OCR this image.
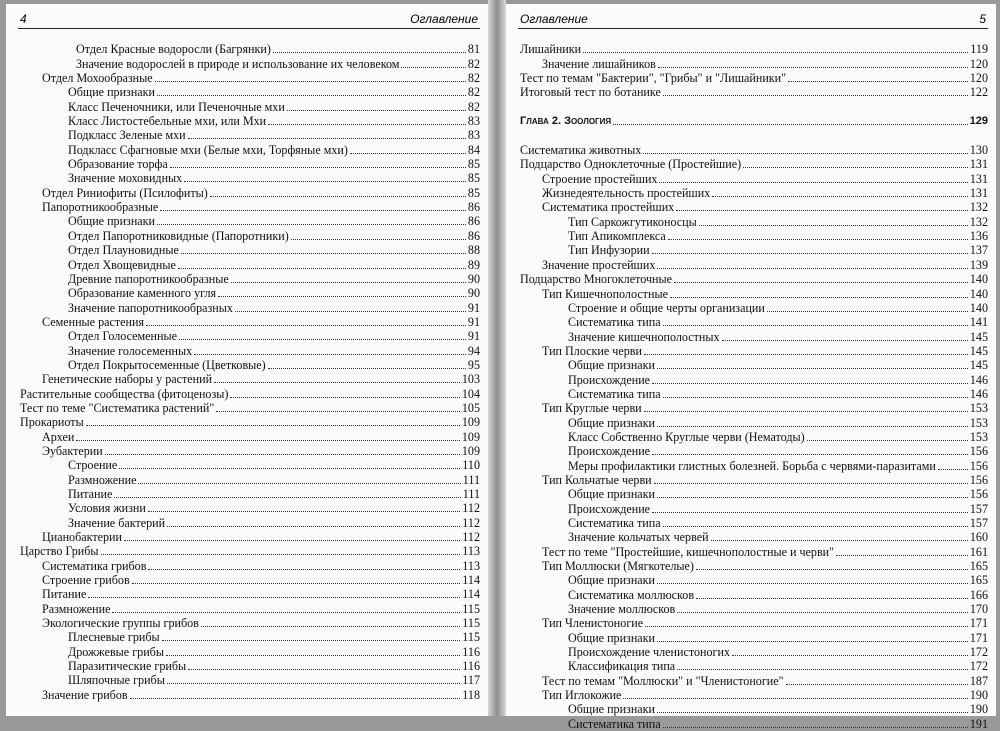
4	Оглавление
Отдел Красные водоросли (Багрянки)	81
Значение водорослей в природе и использование их человеком	82
Отдел Мохообразные	82
Общие признаки	82
Класс Печеночники, или Печеночные мхи	82
Класс Листостебельные мхи, или Мхи	83
Подкласс Зеленые мхи	83
Подкласс Сфагновые мхи (Белые мхи, Торфяные мхи)	84
Образование торфа	85
Значение моховидных	85
Отдел Риниофиты (Псилофиты)	85
Папоротникообразные	86
Общие признаки	86
Отдел Папоротниковидные (Папоротники)	86
Отдел Плауновидные	88
Отдел Хвощевидные	89
Древние папоротникообразные	90
Образование каменного угля	90
Значение папоротникообразных	91
Семенные растения	91
Отдел Голосеменные	91
Значение голосеменных	94
Отдел Покрытосеменные (Цветковые)	95
Генетические наборы у растений	103
Растительные сообщества (фитоценозы)	104
Тест по теме "Систематика растений"	105
Прокариоты	109
Археи	109
Эубактерии	109
Строение	110
Размножение	111
Питание	111
Условия жизни	112
Значение бактерий	112
Цианобактерии	112
Царство Грибы	113
Систематика грибов	113
Строение грибов	114
Питание	114
Размножение	115
Экологические группы грибов	115
Плесневые грибы	115
Дрожжевые грибы	116
Паразитические грибы	116
Шляпочные грибы	117
Значение грибов	118
Оглавление	5
Лишайники	119
Значение лишайников	120
Тест по темам "Бактерии", "Грибы" и "Лишайники"	120
Итоговый тест по ботанике	122
Глава 2. Зоология	129
Систематика животных	130
Подцарство Одноклеточные (Простейшие)	131
Строение простейших	131
Жизнедеятельность простейших	131
Систематика простейших	132
Тип Саркожгутиконосцы	132
Тип Апикомплекса	136
Тип Инфузории	137
Значение простейших	139
Подцарство Многоклеточные	140
Тип Кишечнополостные	140
Строение и общие черты организации	140
Систематика типа	141
Значение кишечнополостных	145
Тип Плоские черви	145
Общие признаки	145
Происхождение	146
Систематика типа	146
Тип Круглые черви	153
Общие признаки	153
Класс Собственно Круглые черви (Нематоды)	153
Происхождение	156
Меры профилактики глистных болезней. Борьба с червями-паразитами	156
Тип Кольчатые черви	156
Общие признаки	156
Происхождение	157
Систематика типа	157
Значение кольчатых червей	160
Тест по теме "Простейшие, кишечнополостные и черви"	161
Тип Моллюски (Мягкотелые)	165
Общие признаки	165
Систематика моллюсков	166
Значение моллюсков	170
Тип Членистоногие	171
Общие признаки	171
Происхождение членистоногих	172
Классификация типа	172
Тест по темам "Моллюски" и "Членистоногие"	187
Тип Иглокожие	190
Общие признаки	190
Систематика типа	191
